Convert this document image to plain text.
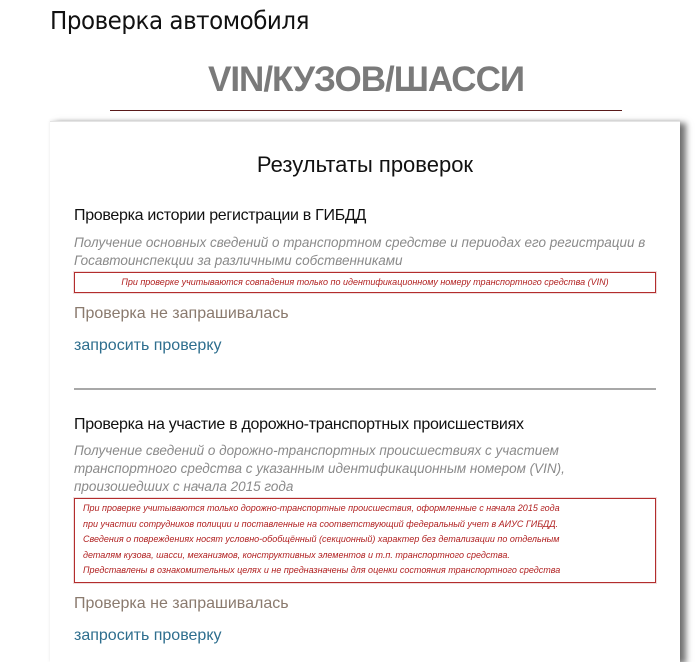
Проверка автомобиля
VIN/КУЗОВ/ШАССИ
Результаты проверок
Проверка истории регистрации в ГИБДД
Получение основных сведений о транспортном средстве и периодах его регистрации в Госавтоинспекции за различными собственниками
При проверке учитываются совпадения только по идентификационному номеру транспортного средства (VIN)
Проверка не запрашивалась
запросить проверку
Проверка на участие в дорожно-транспортных происшествиях
Получение сведений о дорожно-транспортных происшествиях с участием транспортного средства с указанным идентификационным номером (VIN), произошедших с начала 2015 года
При проверке учитываются только дорожно-транспортные происшествия, оформленные с начала 2015 года
при участии сотрудников полиции и поставленные на соответствующий федеральный учет в АИУС ГИБДД.
Сведения о повреждениях носят условно-обобщённый (секционный) характер без детализации по отдельным
деталям кузова, шасси, механизмов, конструктивных элементов и т.п. транспортного средства.
Представлены в ознакомительных целях и не предназначены для оценки состояния транспортного средства
Проверка не запрашивалась
запросить проверку
